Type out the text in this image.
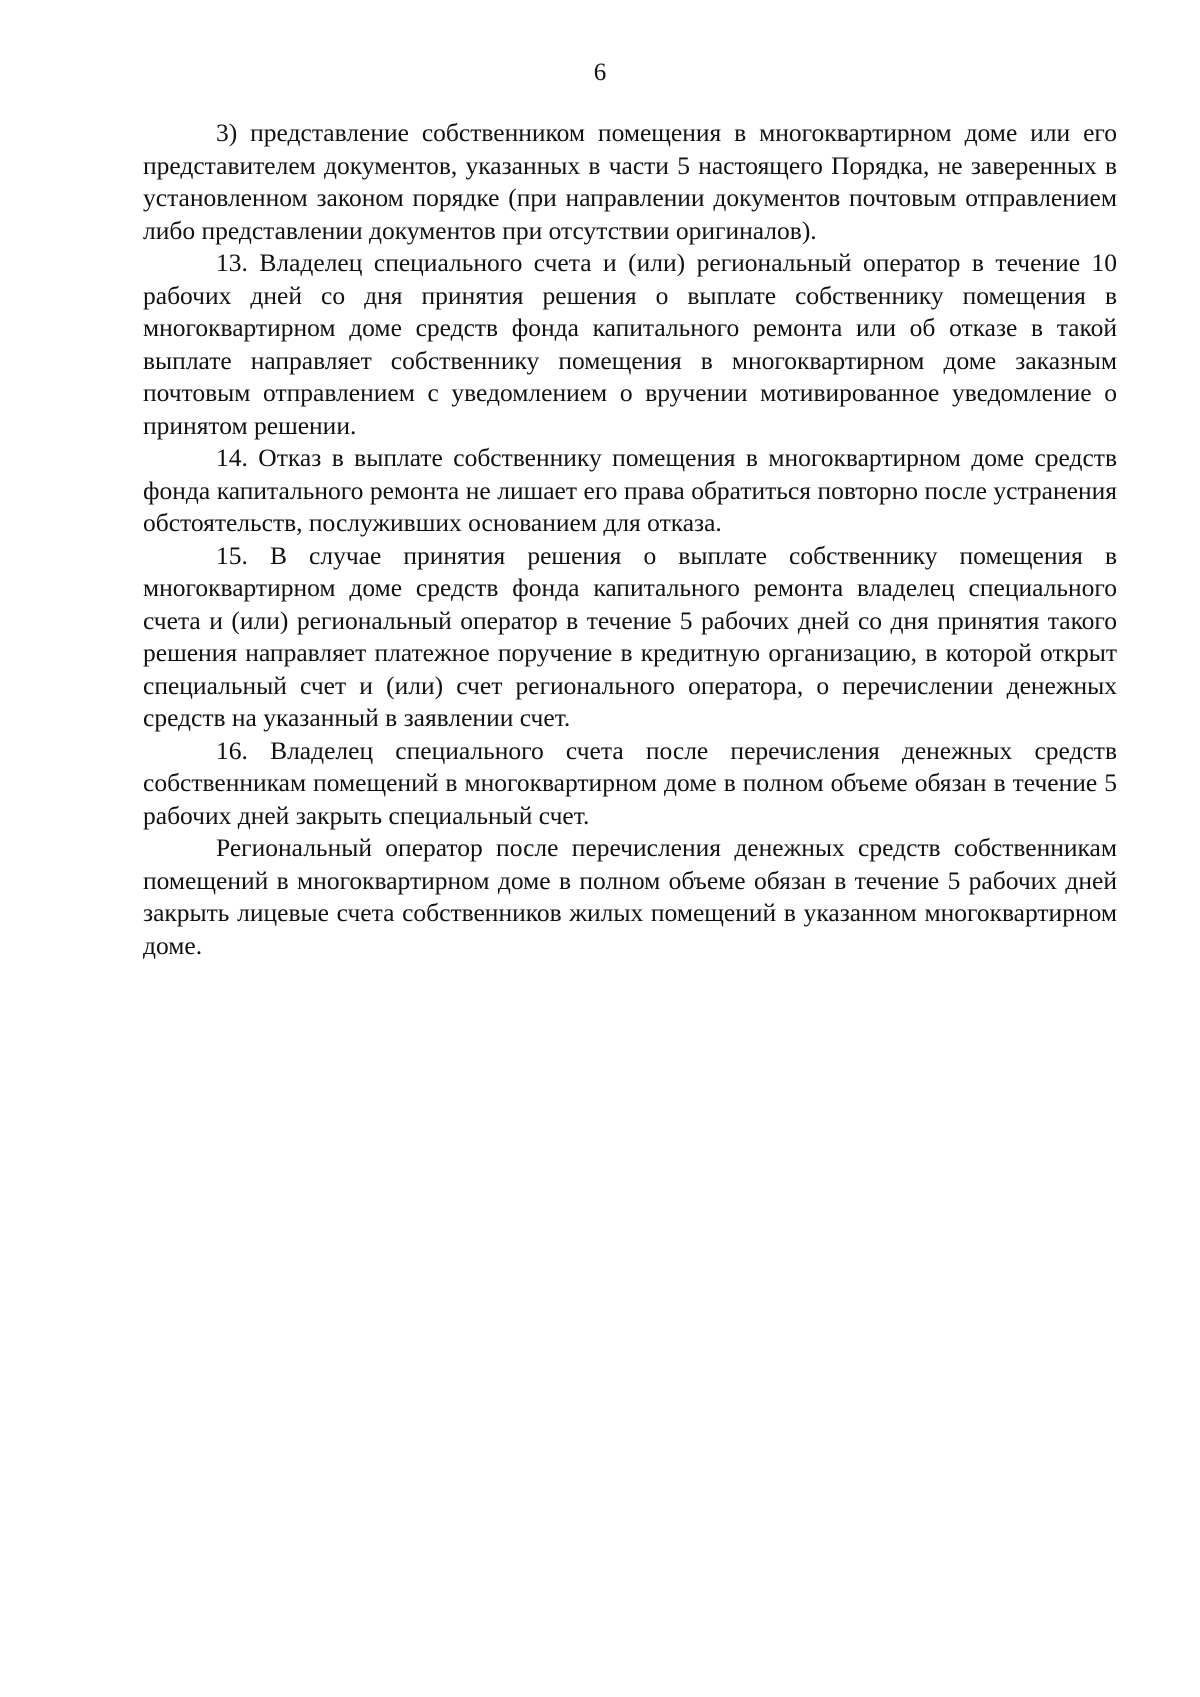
6

3) представление собственником помещения в многоквартирном доме или его представителем документов, указанных в части 5 настоящего Порядка, не заверенных в установленном законом порядке (при направлении документов почтовым отправлением либо представлении документов при отсутствии оригиналов).

13. Владелец специального счета и (или) региональный оператор в течение 10 рабочих дней со дня принятия решения о выплате собственнику помещения в многоквартирном доме средств фонда капитального ремонта или об отказе в такой выплате направляет собственнику помещения в многоквартирном доме заказным почтовым отправлением с уведомлением о вручении мотивированное уведомление о принятом решении.

14. Отказ в выплате собственнику помещения в многоквартирном доме средств фонда капитального ремонта не лишает его права обратиться повторно после устранения обстоятельств, послуживших основанием для отказа.

15. В случае принятия решения о выплате собственнику помещения в многоквартирном доме средств фонда капитального ремонта владелец специального счета и (или) региональный оператор в течение 5 рабочих дней со дня принятия такого решения направляет платежное поручение в кредитную организацию, в которой открыт специальный счет и (или) счет регионального оператора, о перечислении денежных средств на указанный в заявлении счет.

16. Владелец специального счета после перечисления денежных средств собственникам помещений в многоквартирном доме в полном объеме обязан в течение 5 рабочих дней закрыть специальный счет.

Региональный оператор после перечисления денежных средств собственникам помещений в многоквартирном доме в полном объеме обязан в течение 5 рабочих дней закрыть лицевые счета собственников жилых помещений в указанном многоквартирном доме.
